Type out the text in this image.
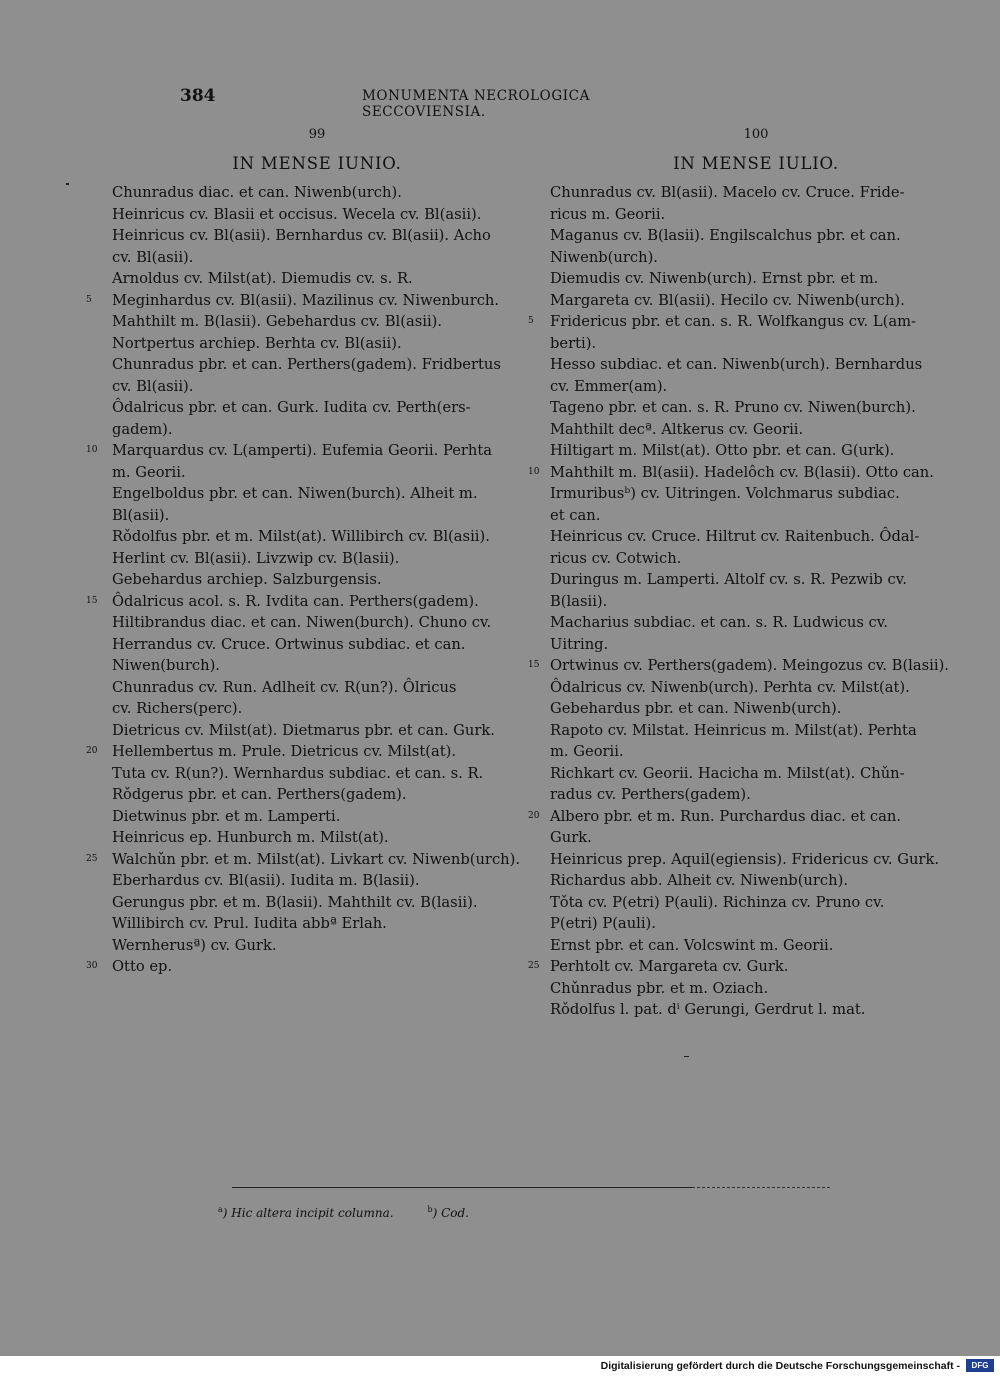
384	MONUMENTA NECROLOGICA SECCOVIENSIA.
99
IN MENSE IUNIO.
Chunradus diac. et can. Niwenb(urch).
Heinricus cv. Blasii et occisus. Wecela cv. Bl(asii).
Heinricus cv. Bl(asii). Bernhardus cv. Bl(asii). Acho
cv. Bl(asii).
Arnoldus cv. Milst(at). Diemudis cv. s. R.
5	Meginhardus cv. Bl(asii). Mazilinus cv. Niwenburch.
Mahthilt m. B(lasii). Gebehardus cv. Bl(asii).
Nortpertus archiep. Berhta cv. Bl(asii).
Chunradus pbr. et can. Perthers(gadem). Fridbertus
cv. Bl(asii).
Ôdalricus pbr. et can. Gurk. Iudita cv. Perth(ers-
gadem).
10 Marquardus cv. L(amperti). Eufemia Georii. Perhta
m. Georii.
Engelboldus pbr. et can. Niwen(burch). Alheit m.
Bl(asii).
Rǒdolfus pbr. et m. Milst(at). Willibirch cv. Bl(asii).
Herlint cv. Bl(asii). Livzwip cv. B(lasii).
Gebehardus archiep. Salzburgensis.
15 Ôdalricus acol. s. R. Ivdita can. Perthers(gadem).
Hiltibrandus diac. et can. Niwen(burch). Chuno cv.
Herrandus cv. Cruce. Ortwinus subdiac. et can.
Niwen(burch).
Chunradus cv. Run. Adlheit cv. R(un?). Ôlricus
cv. Richers(perc).
Dietricus cv. Milst(at). Dietmarus pbr. et can. Gurk.
20 Hellembertus m. Prule. Dietricus cv. Milst(at).
Tuta cv. R(un?). Wernhardus subdiac. et can. s. R.
Rǒdgerus pbr. et can. Perthers(gadem).
Dietwinus pbr. et m. Lamperti.
Heinricus ep. Hunburch m. Milst(at).
25 Walchǔn pbr. et m. Milst(at). Livkart cv. Niwenb(urch).
Eberhardus cv. Bl(asii). Iudita m. B(lasii).
Gerungus pbr. et m. B(lasii). Mahthilt cv. B(lasii).
Willibirch cv. Prul. Iudita abbª Erlah.
Wernherusª) cv. Gurk.
30 Otto ep.
100
IN MENSE IULIO.
Chunradus cv. Bl(asii). Macelo cv. Cruce. Fride-
ricus m. Georii.
Maganus cv. B(lasii). Engilscalchus pbr. et can.
Niwenb(urch).
Diemudis cv. Niwenb(urch). Ernst pbr. et m.
Margareta cv. Bl(asii). Hecilo cv. Niwenb(urch).
5	Fridericus pbr. et can. s. R. Wolfkangus cv. L(am-
berti).
Hesso subdiac. et can. Niwenb(urch). Bernhardus
cv. Emmer(am).
Tageno pbr. et can. s. R. Pruno cv. Niwen(burch).
Mahthilt decª. Altkerus cv. Georii.
Hiltigart m. Milst(at). Otto pbr. et can. G(urk).
10 Mahthilt m. Bl(asii). Hadelôch cv. B(lasii). Otto can.
Irmuribusᵇ) cv. Uitringen. Volchmarus subdiac.
et can.
Heinricus cv. Cruce. Hiltrut cv. Raitenbuch. Ôdal-
ricus cv. Cotwich.
Duringus m. Lamperti. Altolf cv. s. R. Pezwib cv.
B(lasii).
Macharius subdiac. et can. s. R. Ludwicus cv.
Uitring.
15 Ortwinus cv. Perthers(gadem). Meingozus cv. B(lasii).
Ôdalricus cv. Niwenb(urch). Perhta cv. Milst(at).
Gebehardus pbr. et can. Niwenb(urch).
Rapoto cv. Milstat. Heinricus m. Milst(at). Perhta
m. Georii.
Richkart cv. Georii. Hacicha m. Milst(at). Chǔn-
radus cv. Perthers(gadem).
20 Albero pbr. et m. Run. Purchardus diac. et can.
Gurk.
Heinricus prep. Aquil(egiensis). Fridericus cv. Gurk.
Richardus abb. Alheit cv. Niwenb(urch).
Tǒta cv. P(etri) P(auli). Richinza cv. Pruno cv.
P(etri) P(auli).
Ernst pbr. et can. Volcswint m. Georii.
25 Perhtolt cv. Margareta cv. Gurk.
Chǔnradus pbr. et m. Oziach.
Rǒdolfus l. pat. dⁱ Gerungi, Gerdrut l. mat.
$^a$) Hic altera incipit columna.	$^b$) Cod.
Digitalisierung gefördert durch die Deutsche Forschungsgemeinschaft -	DFG
